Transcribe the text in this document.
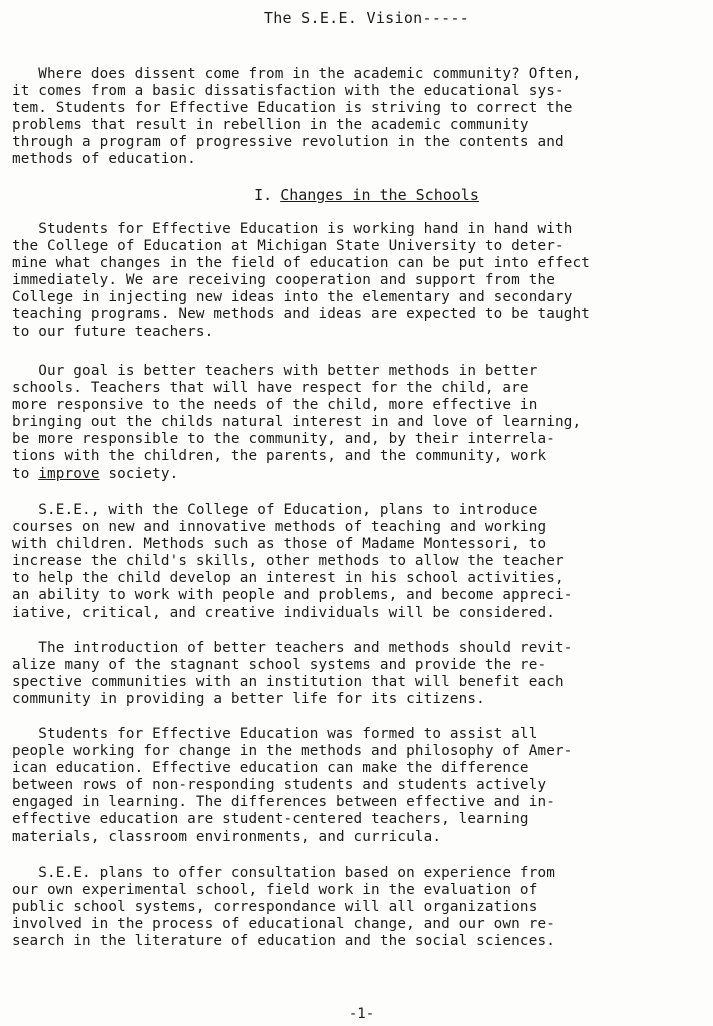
The S.E.E. Vision-----
Where does dissent come from in the academic community? Often,
it comes from a basic dissatisfaction with the educational sys-
tem. Students for Effective Education is striving to correct the
problems that result in rebellion in the academic community
through a program of progressive revolution in the contents and
methods of education.
I. Changes in the Schools
Students for Effective Education is working hand in hand with
the College of Education at Michigan State University to deter-
mine what changes in the field of education can be put into effect
immediately. We are receiving cooperation and support from the
College in injecting new ideas into the elementary and secondary
teaching programs. New methods and ideas are expected to be taught
to our future teachers.
Our goal is better teachers with better methods in better
schools. Teachers that will have respect for the child, are
more responsive to the needs of the child, more effective in
bringing out the childs natural interest in and love of learning,
be more responsible to the community, and, by their interrela-
tions with the children, the parents, and the community, work
to improve society.
S.E.E., with the College of Education, plans to introduce
courses on new and innovative methods of teaching and working
with children. Methods such as those of Madame Montessori, to
increase the child's skills, other methods to allow the teacher
to help the child develop an interest in his school activities,
an ability to work with people and problems, and become appreci-
iative, critical, and creative individuals will be considered.
The introduction of better teachers and methods should revit-
alize many of the stagnant school systems and provide the re-
spective communities with an institution that will benefit each
community in providing a better life for its citizens.
Students for Effective Education was formed to assist all
people working for change in the methods and philosophy of Amer-
ican education. Effective education can make the difference
between rows of non-responding students and students actively
engaged in learning. The differences between effective and in-
effective education are student-centered teachers, learning
materials, classroom environments, and curricula.
S.E.E. plans to offer consultation based on experience from
our own experimental school, field work in the evaluation of
public school systems, correspondance will all organizations
involved in the process of educational change, and our own re-
search in the literature of education and the social sciences.
-1-
